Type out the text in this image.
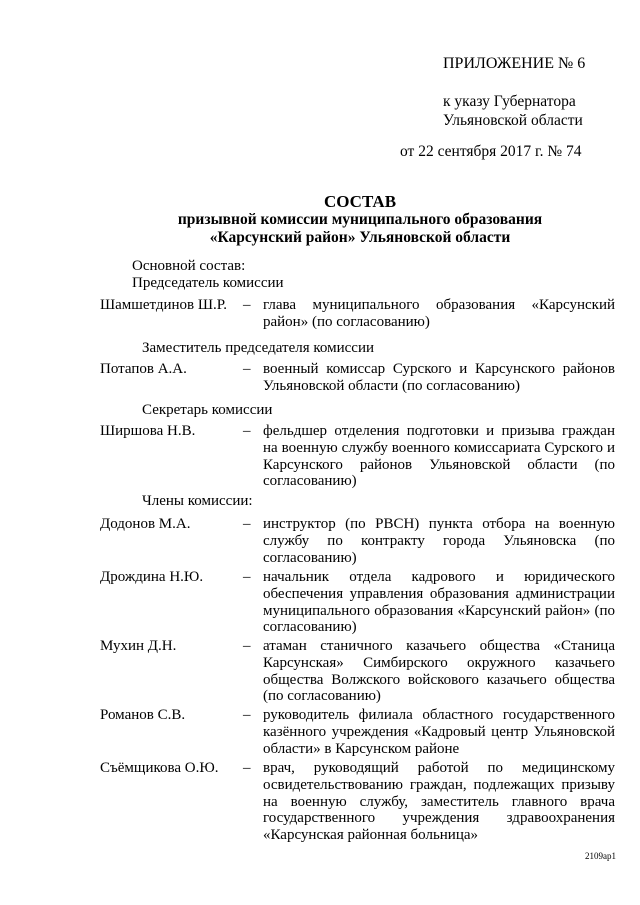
ПРИЛОЖЕНИЕ № 6
к указу Губернатора
Ульяновской области
от 22 сентября 2017 г. № 74
СОСТАВ
призывной комиссии муниципального образования
«Карсунский район» Ульяновской области
Основной состав:
Председатель комиссии
Шамшетдинов Ш.Р. – глава муниципального образования «Карсунский район» (по согласованию)
Заместитель председателя комиссии
Потапов А.А.	– военный комиссар Сурского и Карсунского районов Ульяновской области (по согласованию)
Секретарь комиссии
Ширшова Н.В.	– фельдшер отделения подготовки и призыва граждан на военную службу военного комиссариата Сурского и Карсунского районов Ульяновской области (по согласованию)
Члены комиссии:
Додонов М.А.	– инструктор (по РВСН) пункта отбора на военную службу по контракту города Ульяновска (по согласованию)
Дрождина Н.Ю.	– начальник отдела кадрового и юридического обеспечения управления образования администрации муниципального образования «Карсунский район» (по согласованию)
Мухин Д.Н.	– атаман станичного казачьего общества «Станица Карсунская» Симбирского окружного казачьего общества Волжского войскового казачьего общества (по согласованию)
Романов С.В.	– руководитель филиала областного государственного казённого учреждения «Кадровый центр Ульяновской области» в Карсунском районе
Съёмщикова О.Ю. – врач, руководящий работой по медицинскому освидетельствованию граждан, подлежащих призыву на военную службу, заместитель главного врача государственного учреждения здравоохранения «Карсунская районная больница»
2109ap1
